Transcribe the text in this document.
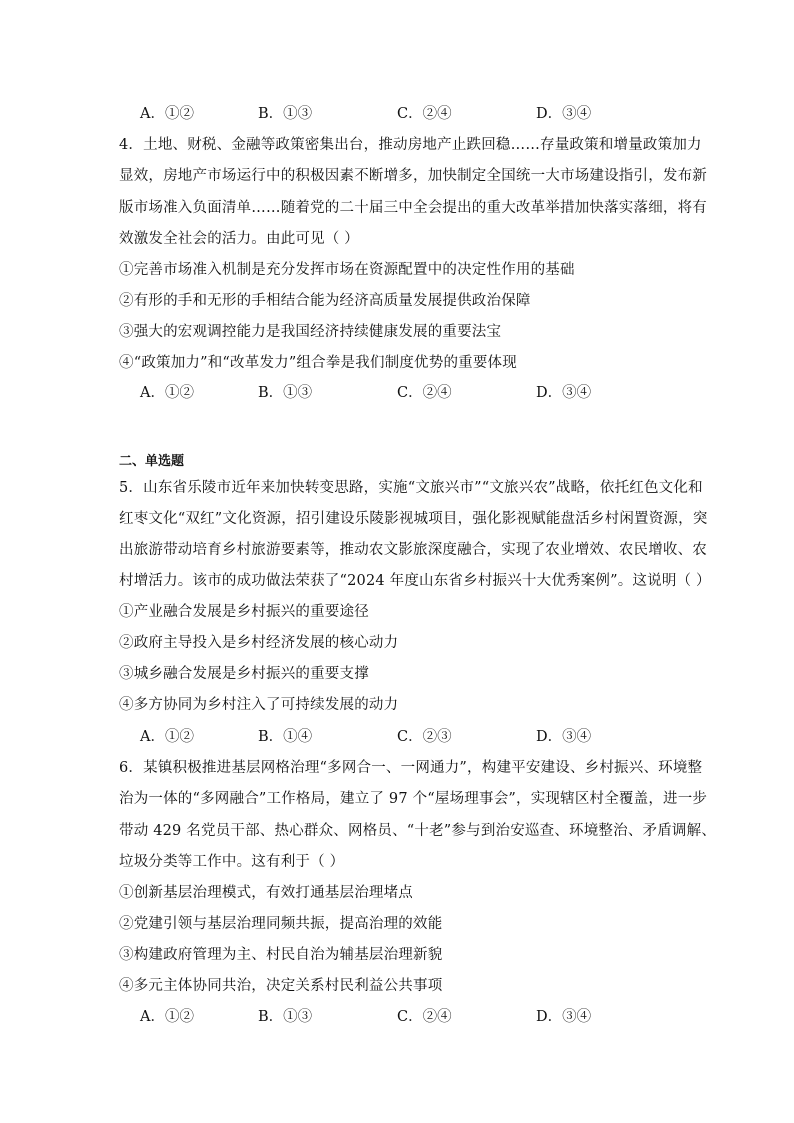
A．①②	B．①③	C．②④	D．③④
4．土地、财税、金融等政策密集出台，推动房地产止跌回稳……存量政策和增量政策加力
显效，房地产市场运行中的积极因素不断增多，加快制定全国统一大市场建设指引，发布新
版市场准入负面清单……随着党的二十届三中全会提出的重大改革举措加快落实落细，将有
效激发全社会的活力。由此可见（ ）
①完善市场准入机制是充分发挥市场在资源配置中的决定性作用的基础
②有形的手和无形的手相结合能为经济高质量发展提供政治保障
③强大的宏观调控能力是我国经济持续健康发展的重要法宝
④“政策加力”和“改革发力”组合拳是我们制度优势的重要体现
A．①②	B．①③	C．②④	D．③④
二、单选题
5．山东省乐陵市近年来加快转变思路，实施“文旅兴市”“文旅兴农”战略，依托红色文化和
红枣文化“双红”文化资源，招引建设乐陵影视城项目，强化影视赋能盘活乡村闲置资源，突
出旅游带动培育乡村旅游要素等，推动农文影旅深度融合，实现了农业增效、农民增收、农
村增活力。该市的成功做法荣获了“2024 年度山东省乡村振兴十大优秀案例”。这说明（ ）
①产业融合发展是乡村振兴的重要途径
②政府主导投入是乡村经济发展的核心动力
③城乡融合发展是乡村振兴的重要支撑
④多方协同为乡村注入了可持续发展的动力
A．①②	B．①④	C．②③	D．③④
6．某镇积极推进基层网格治理“多网合一、一网通力”，构建平安建设、乡村振兴、环境整
治为一体的“多网融合”工作格局，建立了 97 个“屋场理事会”，实现辖区村全覆盖，进一步
带动 429 名党员干部、热心群众、网格员、“十老”参与到治安巡查、环境整治、矛盾调解、
垃圾分类等工作中。这有利于（ ）
①创新基层治理模式，有效打通基层治理堵点
②党建引领与基层治理同频共振，提高治理的效能
③构建政府管理为主、村民自治为辅基层治理新貌
④多元主体协同共治，决定关系村民利益公共事项
A．①②	B．①③	C．②④	D．③④
